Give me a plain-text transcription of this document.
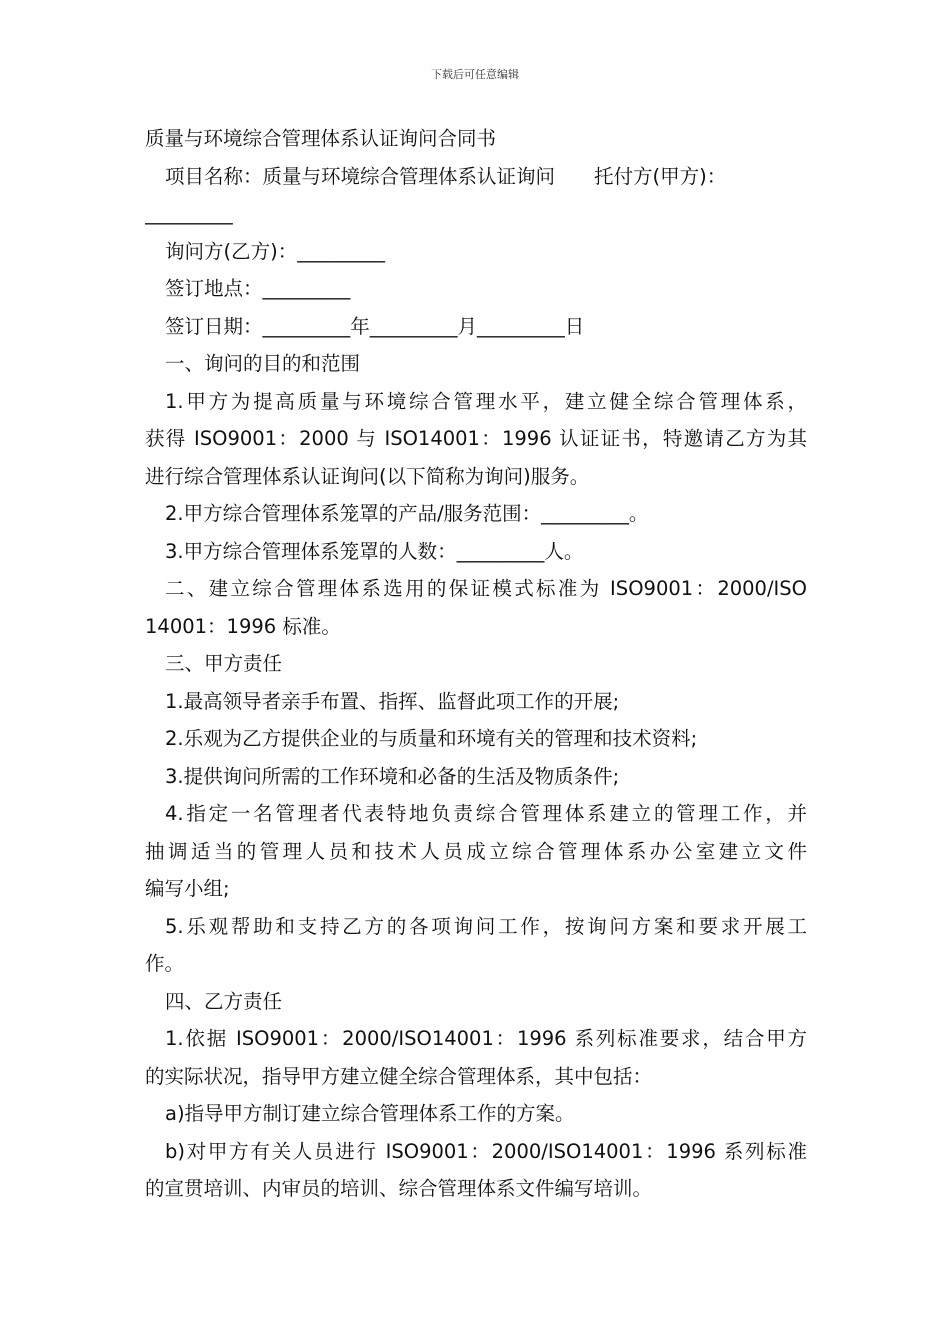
下载后可任意编辑
质量与环境综合管理体系认证询问合同书
项目名称：质量与环境综合管理体系认证询问　　托付方(甲方)：
_________
询问方(乙方)：_________
签订地点：_________
签订日期：_________年_________月_________日
一、询问的目的和范围
1.甲方为提高质量与环境综合管理水平，建立健全综合管理体系，
获得 ISO9001：2000 与 ISO14001：1996 认证证书，特邀请乙方为其
进行综合管理体系认证询问(以下简称为询问)服务。
2.甲方综合管理体系笼罩的产品/服务范围：_________。
3.甲方综合管理体系笼罩的人数：_________人。
二、建立综合管理体系选用的保证模式标准为 ISO9001：2000/ISO
14001：1996 标准。
三、甲方责任
1.最高领导者亲手布置、指挥、监督此项工作的开展;
2.乐观为乙方提供企业的与质量和环境有关的管理和技术资料;
3.提供询问所需的工作环境和必备的生活及物质条件;
4.指定一名管理者代表特地负责综合管理体系建立的管理工作，并
抽调适当的管理人员和技术人员成立综合管理体系办公室建立文件
编写小组;
5.乐观帮助和支持乙方的各项询问工作，按询问方案和要求开展工
作。
四、乙方责任
1.依据 ISO9001：2000/ISO14001：1996 系列标准要求，结合甲方
的实际状况，指导甲方建立健全综合管理体系，其中包括：
a)指导甲方制订建立综合管理体系工作的方案。
b)对甲方有关人员进行 ISO9001：2000/ISO14001：1996 系列标准
的宣贯培训、内审员的培训、综合管理体系文件编写培训。
